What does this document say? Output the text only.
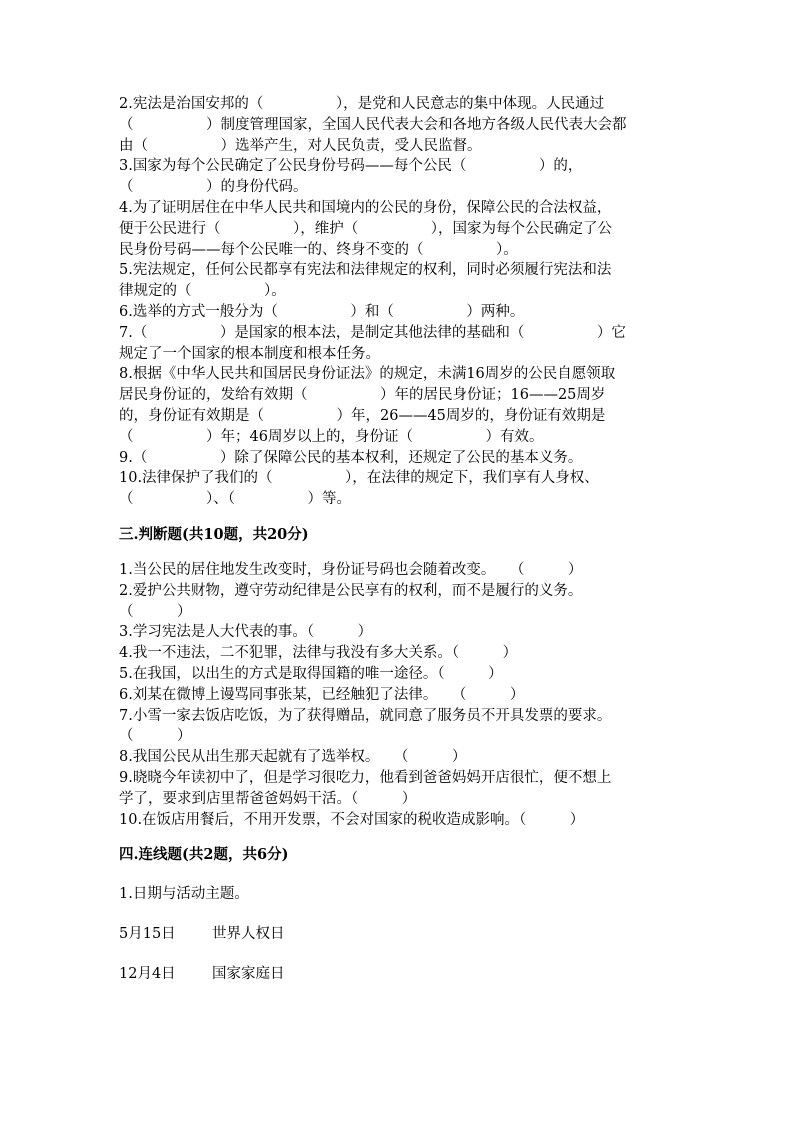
2.宪法是治国安邦的（　　　　　），是党和人民意志的集中体现。人民通过
（　　　　　）制度管理国家，全国人民代表大会和各地方各级人民代表大会都
由（　　　　　）选举产生，对人民负责，受人民监督。
3.国家为每个公民确定了公民身份号码——每个公民（　　　　　）的，
（　　　　　）的身份代码。
4.为了证明居住在中华人民共和国境内的公民的身份，保障公民的合法权益，
便于公民进行（　　　　　），维护（　　　　　），国家为每个公民确定了公
民身份号码——每个公民唯一的、终身不变的（　　　　　）。
5.宪法规定，任何公民都享有宪法和法律规定的权利，同时必须履行宪法和法
律规定的（　　　　　）。
6.选举的方式一般分为（　　　　　）和（　　　　　）两种。
7.（　　　　　）是国家的根本法，是制定其他法律的基础和（　　　　　）它
规定了一个国家的根本制度和根本任务。
8.根据《中华人民共和国居民身份证法》的规定，未满16周岁的公民自愿领取
居民身份证的，发给有效期（　　　　　）年的居民身份证；16——25周岁
的，身份证有效期是（　　　　　）年，26——45周岁的，身份证有效期是
（　　　　　）年；46周岁以上的，身份证（　　　　　）有效。
9.（　　　　　）除了保障公民的基本权利，还规定了公民的基本义务。
10.法律保护了我们的（　　　　　），在法律的规定下，我们享有人身权、
（　　　　　）、（　　　　　）等。
三.判断题(共10题，共20分)
1.当公民的居住地发生改变时，身份证号码也会随着改变。　　（　　　）
2.爱护公共财物，遵守劳动纪律是公民享有的权利，而不是履行的义务。
（　　　）
3.学习宪法是人大代表的事。（　　　）
4.我一不违法，二不犯罪，法律与我没有多大关系。（　　　）
5.在我国，以出生的方式是取得国籍的唯一途径。（　　　）
6.刘某在微博上谩骂同事张某，已经触犯了法律。　　（　　　）
7.小雪一家去饭店吃饭，为了获得赠品，就同意了服务员不开具发票的要求。
（　　　）
8.我国公民从出生那天起就有了选举权。　　（　　　）
9.晓晓今年读初中了，但是学习很吃力，他看到爸爸妈妈开店很忙，便不想上
学了，要求到店里帮爸爸妈妈干活。（　　　）
10.在饭店用餐后，不用开发票，不会对国家的税收造成影响。（　　　）
四.连线题(共2题，共6分)
1.日期与活动主题。
5月15日	世界人权日
12月4日	国家家庭日
